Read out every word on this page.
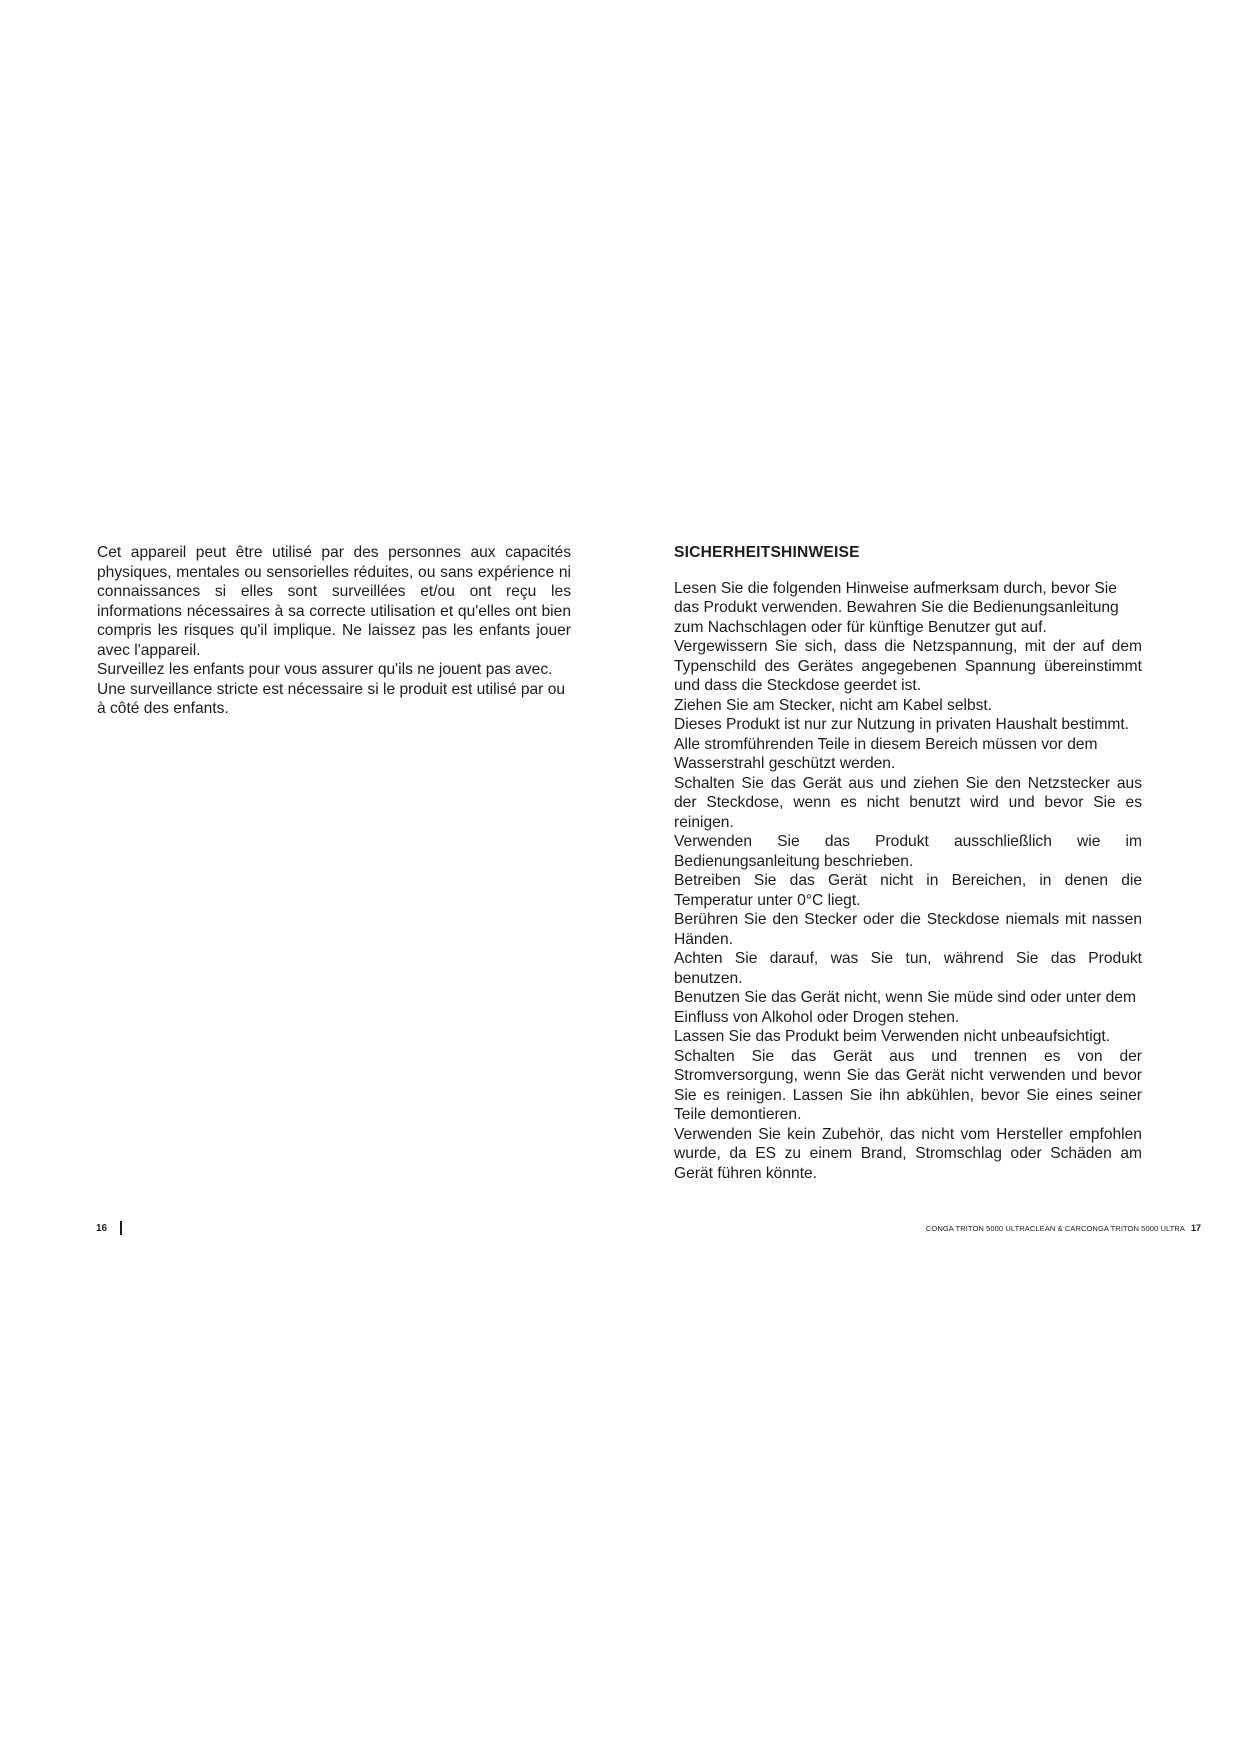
Cet appareil peut être utilisé par des personnes aux capacités physiques, mentales ou sensorielles réduites, ou sans expérience ni connaissances si elles sont surveillées et/ou ont reçu les informations nécessaires à sa correcte utilisation et qu'elles ont bien compris les risques qu'il implique. Ne laissez pas les enfants jouer avec l'appareil.

Surveillez les enfants pour vous assurer qu'ils ne jouent pas avec. Une surveillance stricte est nécessaire si le produit est utilisé par ou à côté des enfants.

16
SICHERHEITSHINWEISE

Lesen Sie die folgenden Hinweise aufmerksam durch, bevor Sie das Produkt verwenden. Bewahren Sie die Bedienungsanleitung zum Nachschlagen oder für künftige Benutzer gut auf.

Vergewissern Sie sich, dass die Netzspannung, mit der auf dem Typenschild des Gerätes angegebenen Spannung übereinstimmt und dass die Steckdose geerdet ist.

Ziehen Sie am Stecker, nicht am Kabel selbst.

Dieses Produkt ist nur zur Nutzung in privaten Haushalt bestimmt.

Alle stromführenden Teile in diesem Bereich müssen vor dem Wasserstrahl geschützt werden.

Schalten Sie das Gerät aus und ziehen Sie den Netzstecker aus der Steckdose, wenn es nicht benutzt wird und bevor Sie es reinigen.

Verwenden Sie das Produkt ausschließlich wie im Bedienungsanleitung beschrieben.

Betreiben Sie das Gerät nicht in Bereichen, in denen die Temperatur unter 0°C liegt.

Berühren Sie den Stecker oder die Steckdose niemals mit nassen Händen.

Achten Sie darauf, was Sie tun, während Sie das Produkt benutzen.

Benutzen Sie das Gerät nicht, wenn Sie müde sind oder unter dem Einfluss von Alkohol oder Drogen stehen.

Lassen Sie das Produkt beim Verwenden nicht unbeaufsichtigt.

Schalten Sie das Gerät aus und trennen es von der Stromversorgung, wenn Sie das Gerät nicht verwenden und bevor Sie es reinigen. Lassen Sie ihn abkühlen, bevor Sie eines seiner Teile demontieren.

Verwenden Sie kein Zubehör, das nicht vom Hersteller empfohlen wurde, da ES zu einem Brand, Stromschlag oder Schäden am Gerät führen könnte.

CONGA TRITON 5000 ULTRACLEAN & CARCONGA TRITON 5000 ULTRA 17
